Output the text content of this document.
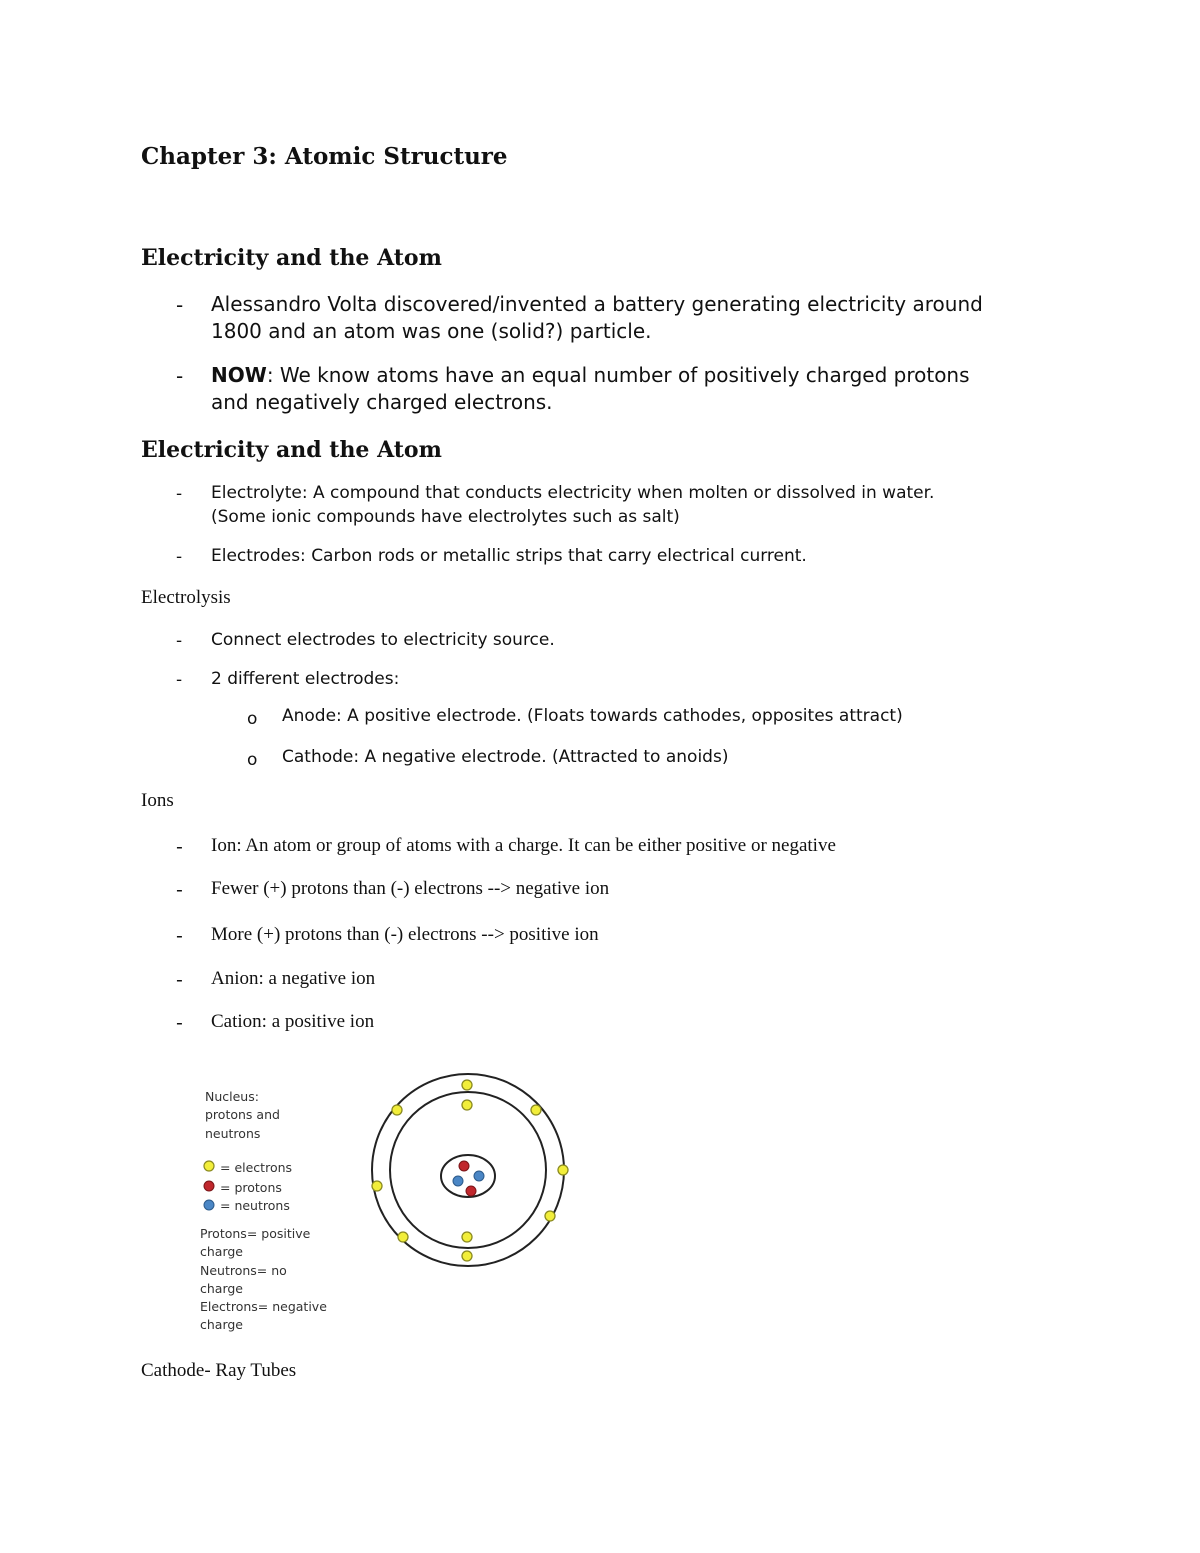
Chapter 3: Atomic Structure
Electricity and the Atom
- Alessandro Volta discovered/invented a battery generating electricity around
1800 and an atom was one (solid?) particle.
- NOW: We know atoms have an equal number of positively charged protons
and negatively charged electrons.
Electricity and the Atom
- Electrolyte: A compound that conducts electricity when molten or dissolved in water.
(Some ionic compounds have electrolytes such as salt)
- Electrodes: Carbon rods or metallic strips that carry electrical current.
Electrolysis
- Connect electrodes to electricity source.
- 2 different electrodes:
o Anode: A positive electrode. (Floats towards cathodes, opposites attract)
o Cathode: A negative electrode. (Attracted to anoids)
Ions
- Ion: An atom or group of atoms with a charge. It can be either positive or negative
- Fewer (+) protons than (-) electrons --> negative ion
- More (+) protons than (-) electrons --> positive ion
- Anion: a negative ion
- Cation: a positive ion
Nucleus:
protons and
neutrons
= electrons
= protons
= neutrons
Protons= positive
charge
Neutrons= no
charge
Electrons= negative
charge
Cathode- Ray Tubes
